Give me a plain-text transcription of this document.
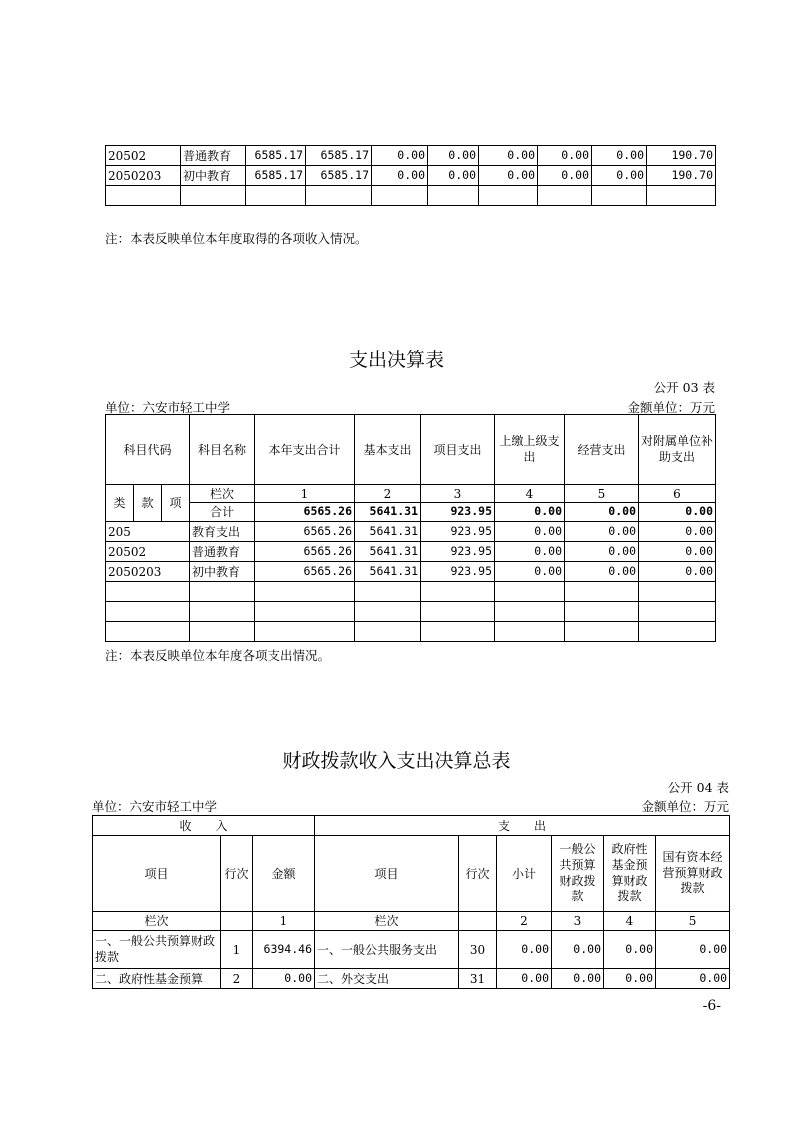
20502	普通教育	6585.17	6585.17	0.00	0.00	0.00	0.00	0.00	190.70
2050203	初中教育	6585.17	6585.17	0.00	0.00	0.00	0.00	0.00	190.70

注：本表反映单位本年度取得的各项收入情况。
支出决算表
公开 03 表
单位：六安市轻工中学	金额单位：万元
科目代码			科目名称	本年支出合计	基本支出	项目支出	上缴上级支出	经营支出	对附属单位补助支出
类	款	项	栏次	1	2	3	4	5	6
			合计	6565.26	5641.31	923.95	0.00	0.00	0.00
205			教育支出	6565.26	5641.31	923.95	0.00	0.00	0.00
20502			普通教育	6565.26	5641.31	923.95	0.00	0.00	0.00
2050203			初中教育	6565.26	5641.31	923.95	0.00	0.00	0.00

注：本表反映单位本年度各项支出情况。
财政拨款收入支出决算总表
公开 04 表
单位：六安市轻工中学	金额单位：万元
收　　入			支　　出					
项目	行次	金额	项目	行次	小计	一般公共预算财政拨款	政府性基金预算财政拨款	国有资本经营预算财政拨款
栏次		1	栏次		2	3	4	5
一、一般公共预算财政拨款	1	6394.46	一、一般公共服务支出	30	0.00	0.00	0.00	0.00
二、政府性基金预算	2	0.00	二、外交支出	31	0.00	0.00	0.00	0.00
-6-
